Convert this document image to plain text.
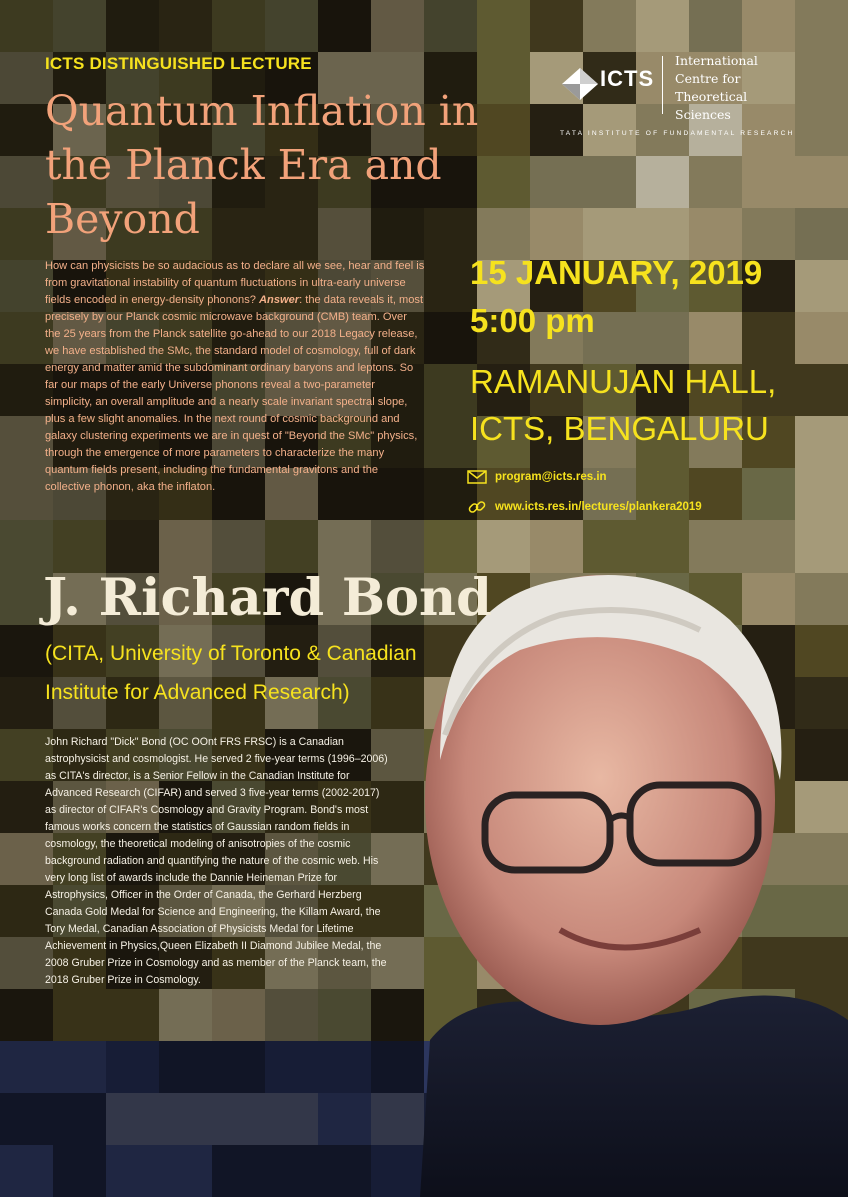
ICTS DISTINGUISHED LECTURE
Quantum Inflation in the Planck Era and Beyond
How can physicists be so audacious as to declare all we see, hear and feel is from gravitational instability of quantum fluctuations in ultra-early universe fields encoded in energy-density phonons? Answer: the data reveals it, most precisely by our Planck cosmic microwave background (CMB) team. Over the 25 years from the Planck satellite go-ahead to our 2018 Legacy release, we have established the SMc, the standard model of cosmology, full of dark energy and matter amid the subdominant ordinary baryons and leptons. So far our maps of the early Universe phonons reveal a two-parameter simplicity, an overall amplitude and a nearly scale invariant spectral slope, plus a few slight anomalies. In the next round of cosmic background and galaxy clustering experiments we are in quest of "Beyond the SMc" physics, through the emergence of more parameters to characterize the many quantum fields present, including the fundamental gravitons and the collective phonon, aka the inflaton.
15 JANUARY, 2019
5:00 pm
RAMANUJAN HALL,
ICTS, BENGALURU
program@icts.res.in
www.icts.res.in/lectures/plankera2019
J. Richard Bond
(CITA, University of Toronto & Canadian Institute for Advanced Research)
John Richard "Dick" Bond (OC OOnt FRS FRSC) is a Canadian astrophysicist and cosmologist. He served 2 five-year terms (1996–2006) as CITA's director, is a Senior Fellow in the Canadian Institute for Advanced Research (CIFAR) and served 3 five-year terms (2002-2017) as director of CIFAR's Cosmology and Gravity Program. Bond's most famous works concern the statistics of Gaussian random fields in cosmology, the theoretical modeling of anisotropies of the cosmic background radiation and quantifying the nature of the cosmic web. His very long list of awards include the Dannie Heineman Prize for Astrophysics, Officer in the Order of Canada, the Gerhard Herzberg Canada Gold Medal for Science and Engineering, the Killam Award, the Tory Medal, Canadian Association of Physicists Medal for Lifetime Achievement in Physics,Queen Elizabeth II Diamond Jubilee Medal, the 2008 Gruber Prize in Cosmology and as member of the Planck team, the 2018 Gruber Prize in Cosmology.
ICTS
International
Centre for
Theoretical
Sciences
TATA INSTITUTE OF FUNDAMENTAL RESEARCH
